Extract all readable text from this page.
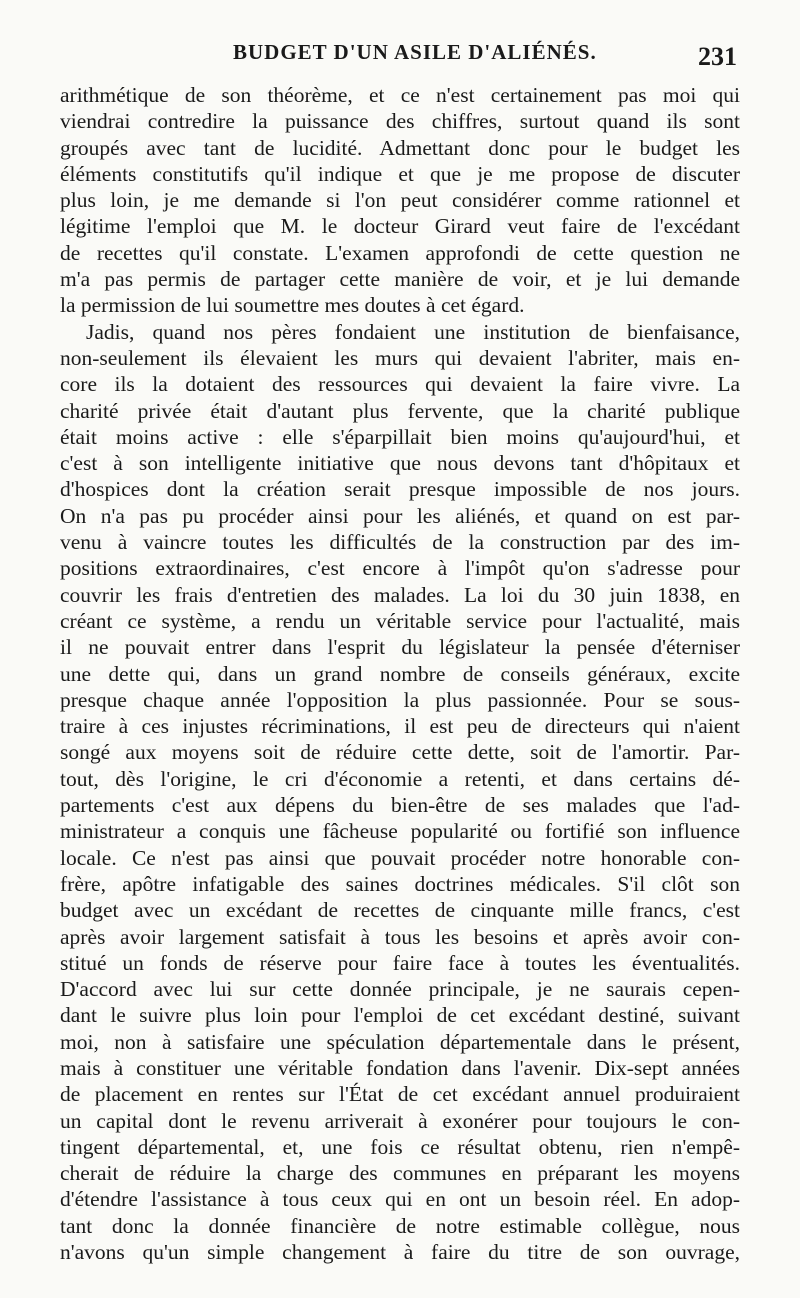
BUDGET D'UN ASILE D'ALIÉNÉS.	231
arithmétique de son théorème, et ce n'est certainement pas moi qui
viendrai contredire la puissance des chiffres, surtout quand ils sont
groupés avec tant de lucidité. Admettant donc pour le budget les
éléments constitutifs qu'il indique et que je me propose de discuter
plus loin, je me demande si l'on peut considérer comme rationnel et
légitime l'emploi que M. le docteur Girard veut faire de l'excédant
de recettes qu'il constate. L'examen approfondi de cette question ne
m'a pas permis de partager cette manière de voir, et je lui demande
la permission de lui soumettre mes doutes à cet égard.
Jadis, quand nos pères fondaient une institution de bienfaisance,
non-seulement ils élevaient les murs qui devaient l'abriter, mais en-
core ils la dotaient des ressources qui devaient la faire vivre. La
charité privée était d'autant plus fervente, que la charité publique
était moins active : elle s'éparpillait bien moins qu'aujourd'hui, et
c'est à son intelligente initiative que nous devons tant d'hôpitaux et
d'hospices dont la création serait presque impossible de nos jours.
On n'a pas pu procéder ainsi pour les aliénés, et quand on est par-
venu à vaincre toutes les difficultés de la construction par des im-
positions extraordinaires, c'est encore à l'impôt qu'on s'adresse pour
couvrir les frais d'entretien des malades. La loi du 30 juin 1838, en
créant ce système, a rendu un véritable service pour l'actualité, mais
il ne pouvait entrer dans l'esprit du législateur la pensée d'éterniser
une dette qui, dans un grand nombre de conseils généraux, excite
presque chaque année l'opposition la plus passionnée. Pour se sous-
traire à ces injustes récriminations, il est peu de directeurs qui n'aient
songé aux moyens soit de réduire cette dette, soit de l'amortir. Par-
tout, dès l'origine, le cri d'économie a retenti, et dans certains dé-
partements c'est aux dépens du bien-être de ses malades que l'ad-
ministrateur a conquis une fâcheuse popularité ou fortifié son influence
locale. Ce n'est pas ainsi que pouvait procéder notre honorable con-
frère, apôtre infatigable des saines doctrines médicales. S'il clôt son
budget avec un excédant de recettes de cinquante mille francs, c'est
après avoir largement satisfait à tous les besoins et après avoir con-
stitué un fonds de réserve pour faire face à toutes les éventualités.
D'accord avec lui sur cette donnée principale, je ne saurais cepen-
dant le suivre plus loin pour l'emploi de cet excédant destiné, suivant
moi, non à satisfaire une spéculation départementale dans le présent,
mais à constituer une véritable fondation dans l'avenir. Dix-sept années
de placement en rentes sur l'État de cet excédant annuel produiraient
un capital dont le revenu arriverait à exonérer pour toujours le con-
tingent départemental, et, une fois ce résultat obtenu, rien n'empê-
cherait de réduire la charge des communes en préparant les moyens
d'étendre l'assistance à tous ceux qui en ont un besoin réel. En adop-
tant donc la donnée financière de notre estimable collègue, nous
n'avons qu'un simple changement à faire du titre de son ouvrage,
